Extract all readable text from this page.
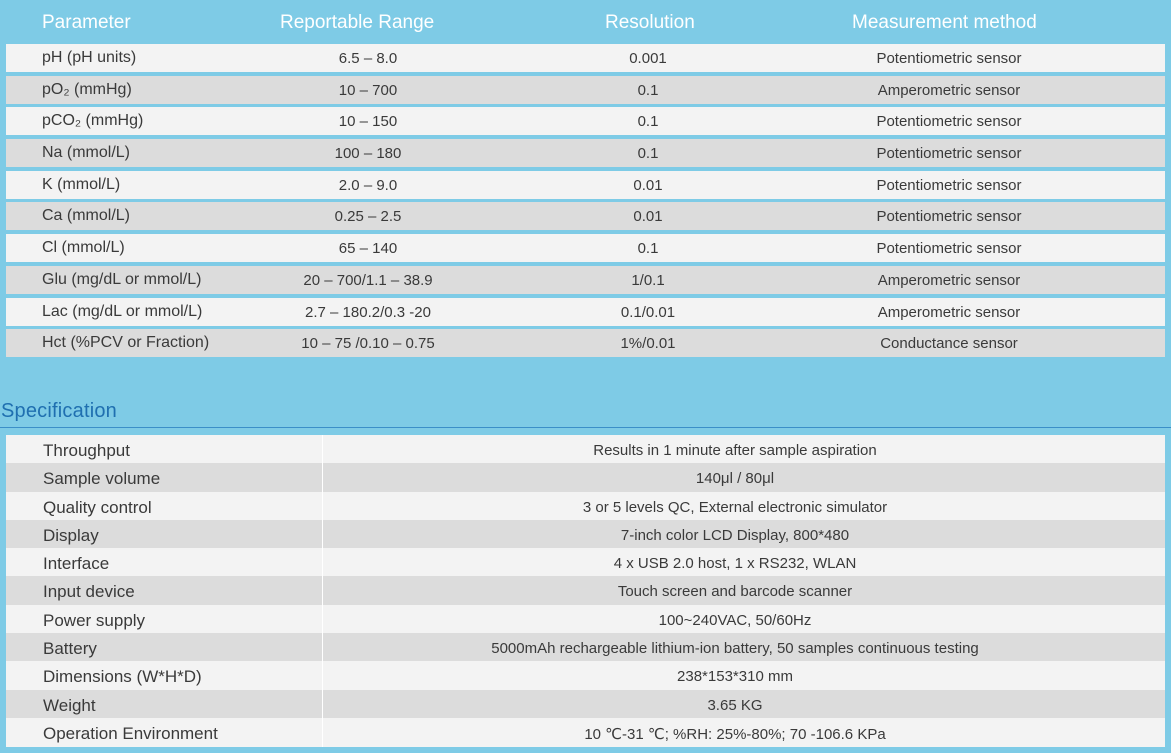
Parameter	Reportable Range	Resolution	Measurement method
pH (pH units)	6.5 – 8.0	0.001	Potentiometric sensor
pO₂ (mmHg)	10 – 700	0.1	Amperometric sensor
pCO₂ (mmHg)	10 – 150	0.1	Potentiometric sensor
Na (mmol/L)	100 – 180	0.1	Potentiometric sensor
K (mmol/L)	2.0 – 9.0	0.01	Potentiometric sensor
Ca (mmol/L)	0.25 – 2.5	0.01	Potentiometric sensor
Cl (mmol/L)	65 – 140	0.1	Potentiometric sensor
Glu (mg/dL or mmol/L)	20 – 700/1.1 – 38.9	1/0.1	Amperometric sensor
Lac (mg/dL or mmol/L)	2.7 – 180.2/0.3 -20	0.1/0.01	Amperometric sensor
Hct (%PCV or Fraction)	10 – 75 /0.10 – 0.75	1%/0.01	Conductance sensor
Specification
Throughput	Results in 1 minute after sample aspiration
Sample volume	140μl / 80μl
Quality control	3 or 5 levels QC, External electronic simulator
Display	7-inch color LCD Display, 800*480
Interface	4 x USB 2.0 host, 1 x RS232, WLAN
Input device	Touch screen and barcode scanner
Power supply	100~240VAC, 50/60Hz
Battery	5000mAh rechargeable lithium-ion battery, 50 samples continuous testing
Dimensions (W*H*D)	238*153*310 mm
Weight	3.65 KG
Operation Environment	10 ℃-31 ℃; %RH: 25%-80%; 70 -106.6 KPa
